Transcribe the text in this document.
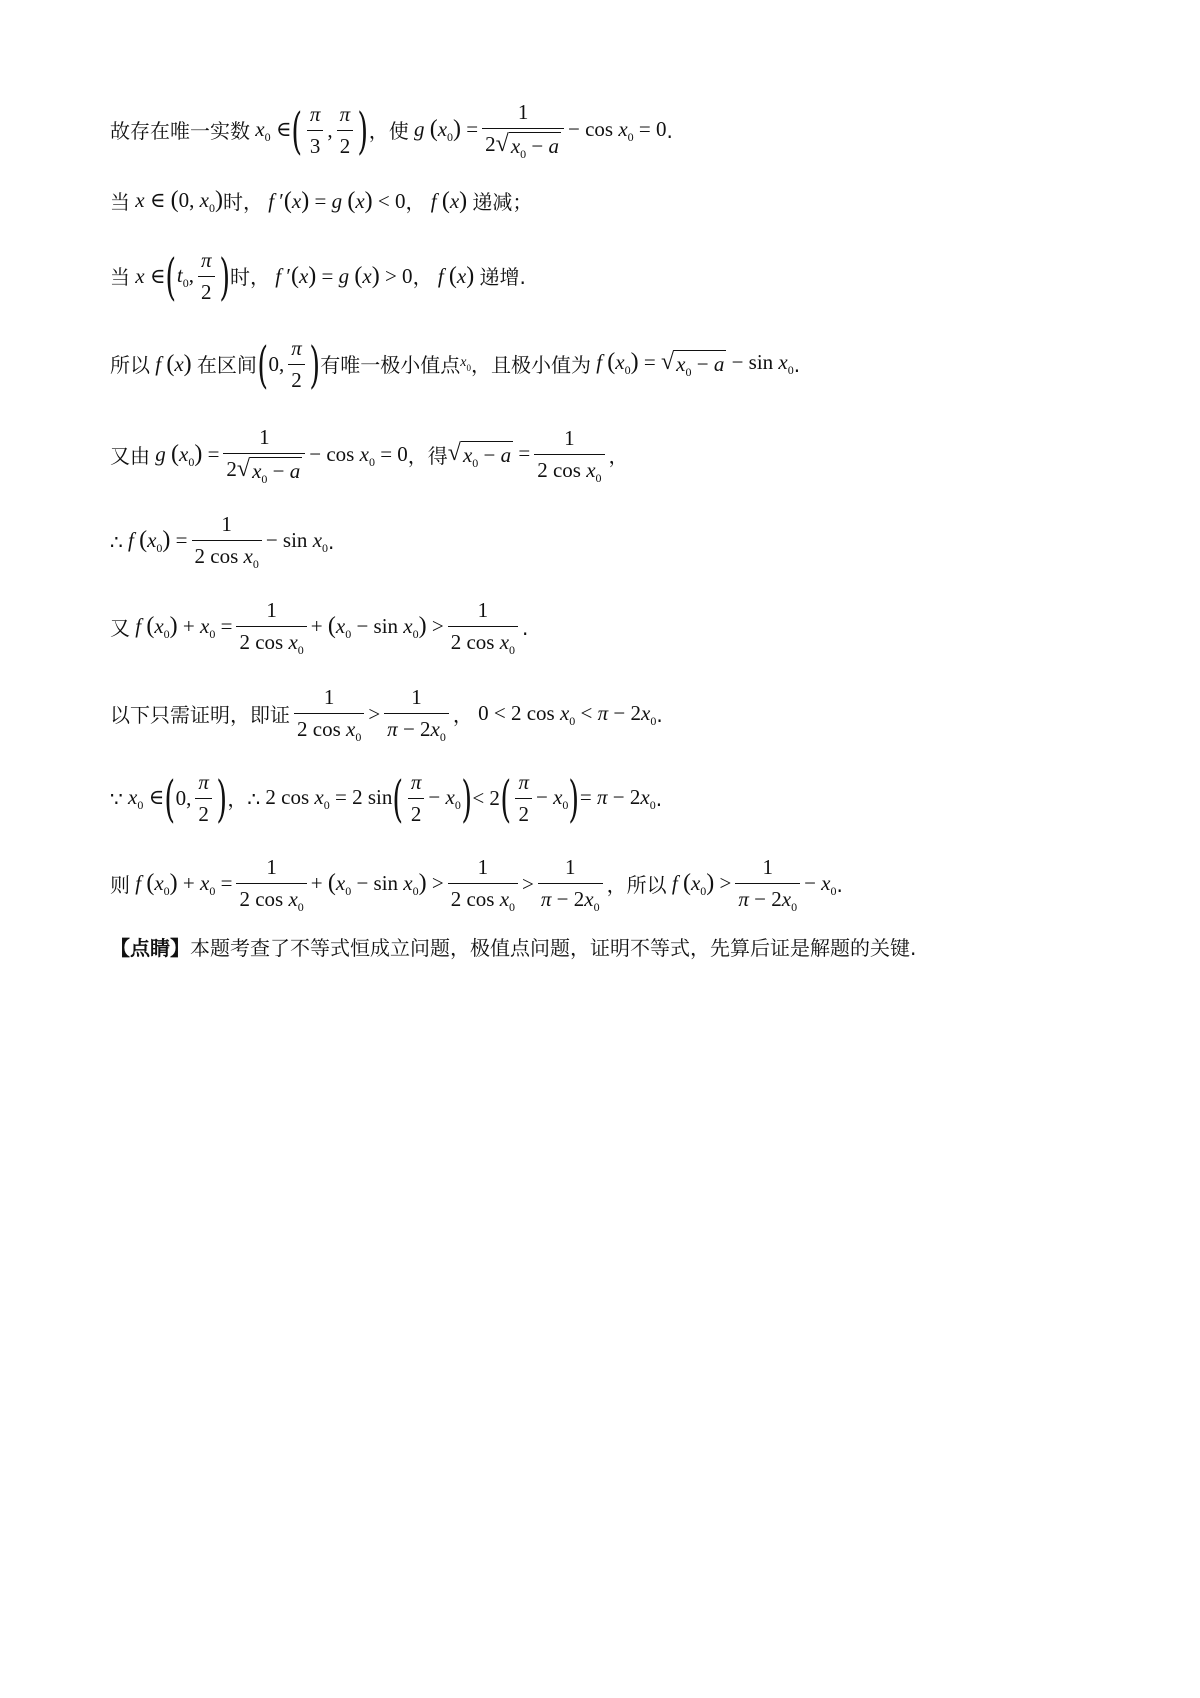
故存在唯一实数 $x_0$ ∈ ( $\frac{\pi}{3}$ , $\frac{\pi}{2}$ ) ，使 g $(x_0) = \frac{1}{2 √ x_0 - a} - \cos x_0 = 0$ .
当 x ∈ (0, $x_0$) 时， f ′(x) = g (x) < 0 ， f (x) 递减；
当 x ∈ ( $t_0$, $\frac{\pi}{2}$ ) 时， f ′(x) = g (x) > 0 ， f (x) 递增.
所以 f (x) 在区间 ( 0, $\frac{\pi}{2}$ ) 有唯一极小值点 $x_0$ ，且极小值为 f $(x_0)$ = √ $x_0 - a - \sin x_0$ .
又由 g $(x_0) = \frac{1}{2 √ x_0 - a} - \cos x_0 = 0$ ，得 √ $x_0 - a = \frac{1}{2 \cos x_0}$ ，
∴ f $(x_0) = \frac{1}{2 \cos x_0} - \sin x_0$ .
又 f $(x_0) + x_0 = \frac{1}{2 \cos x_0} + (x_0 - \sin x_0) > \frac{1}{2 \cos x_0}$ .
以下只需证明，即证 $\frac{1}{2 \cos x_0} > \frac{1}{\pi - 2x_0}$ ， 0 < 2 $\cos x_0 < \pi - 2x_0$ .
∵ $x_0$ ∈ ( 0, $\frac{\pi}{2}$ ) ，∴ 2 $\cos x_0 = 2$ sin ( $\frac{\pi}{2} - x_0$ ) < 2 ( $\frac{\pi}{2} - x_0$ ) = $\pi - 2x_0$ .
则 f $(x_0) + x_0 = \frac{1}{2 \cos x_0} + (x_0 - \sin x_0) > \frac{1}{2 \cos x_0} > \frac{1}{\pi - 2x_0}$ ，所以 f $(x_0) > \frac{1}{\pi - 2x_0} - x_0$ .
【点睛】 本题考查了不等式恒成立问题，极值点问题，证明不等式，先算后证是解题的关键.
